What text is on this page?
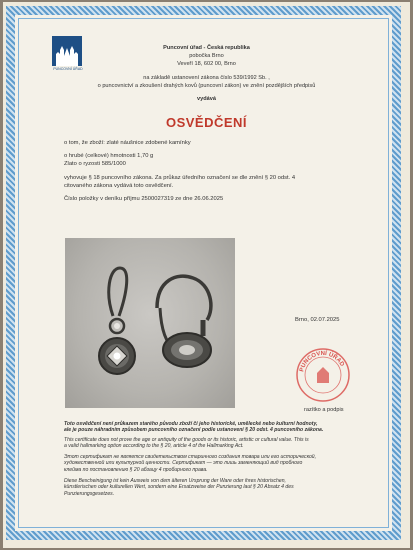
PUNCOVNÍ ÚŘAD
Puncovní úřad - Česká republika
pobočka Brno
Veveří 18, 602 00, Brno
na základě ustanovení zákona číslo 539/1992 Sb. ,
o puncovnictví a zkoušení drahých kovů (puncovní zákon) ve znění pozdějších předpisů
vydává
OSVĚDČENÍ
o tom, že zboží: zlaté náušnice zdobené kamínky
o hrubé (celkové) hmotnosti 1,70 g
Zlato o ryzosti 585/1000
vyhovuje § 18 puncovního zákona. Za průkaz úředního označení se dle znění § 20 odst. 4
citovaného zákona vydává toto osvědčení.
Číslo položky v deníku příjmu 2500027319 ze dne 26.06.2025
Brno, 02.07.2025
PUNCOVNÍ ÚŘAD
razítko a podpis
Toto osvědčení není průkazem starého původu zboží či jeho historické, umělecké nebo kulturní hodnoty,
ale je pouze náhradním způsobem puncovního označení podle ustanovení § 20 odst. 4 puncovního zákona.
This certificate does not prove the age or antiquity of the goods or its historic, artistic or cultural value. This is
a valid hallmarking option according to the § 20, article 4 of the Hallmarking Act.
Этот сертификат не является свидетельством старинного создания товара или его исторической,
художественной или культурной ценности. Сертификат — это лишь заменяющий вид пробного
клейма по постановлению § 20 абзацу 4 пробирного права.
Diese Bescheinigung ist kein Ausweis von dem älteren Ursprung der Ware oder ihres historischen,
künstlerischen oder kulturellen Wert, sondern eine Ersatzweise der Punzierung laut § 20 Absatz 4 des
Punzierungsgesetzes.
